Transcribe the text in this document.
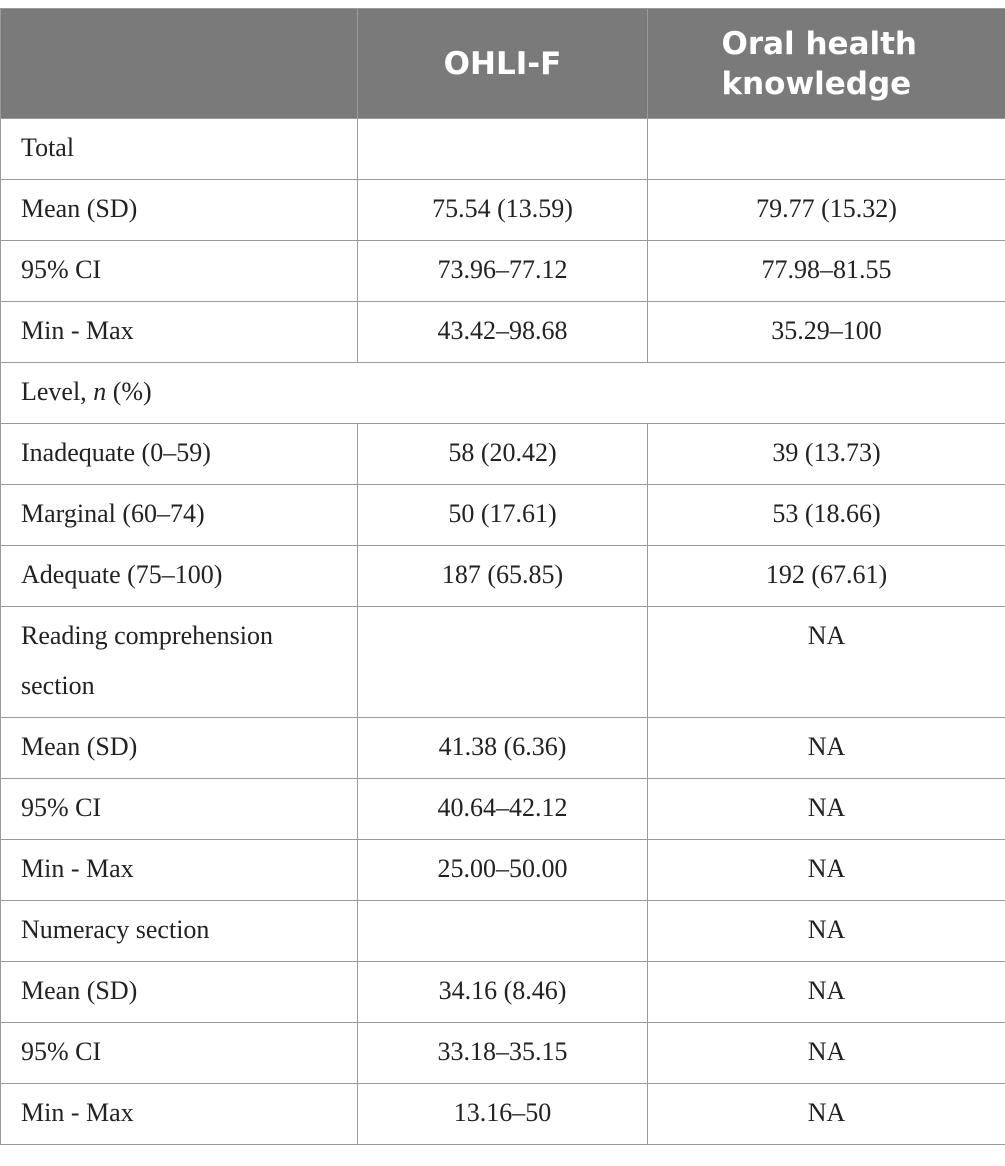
	OHLI-F	Oral health knowledge
Total		
Mean (SD)	75.54 (13.59)	79.77 (15.32)
95% CI	73.96–77.12	77.98–81.55
Min - Max	43.42–98.68	35.29–100
Level, n (%)		
Inadequate (0–59)	58 (20.42)	39 (13.73)
Marginal (60–74)	50 (17.61)	53 (18.66)
Adequate (75–100)	187 (65.85)	192 (67.61)
Reading comprehension section		NA
Mean (SD)	41.38 (6.36)	NA
95% CI	40.64–42.12	NA
Min - Max	25.00–50.00	NA
Numeracy section		NA
Mean (SD)	34.16 (8.46)	NA
95% CI	33.18–35.15	NA
Min - Max	13.16–50	NA
